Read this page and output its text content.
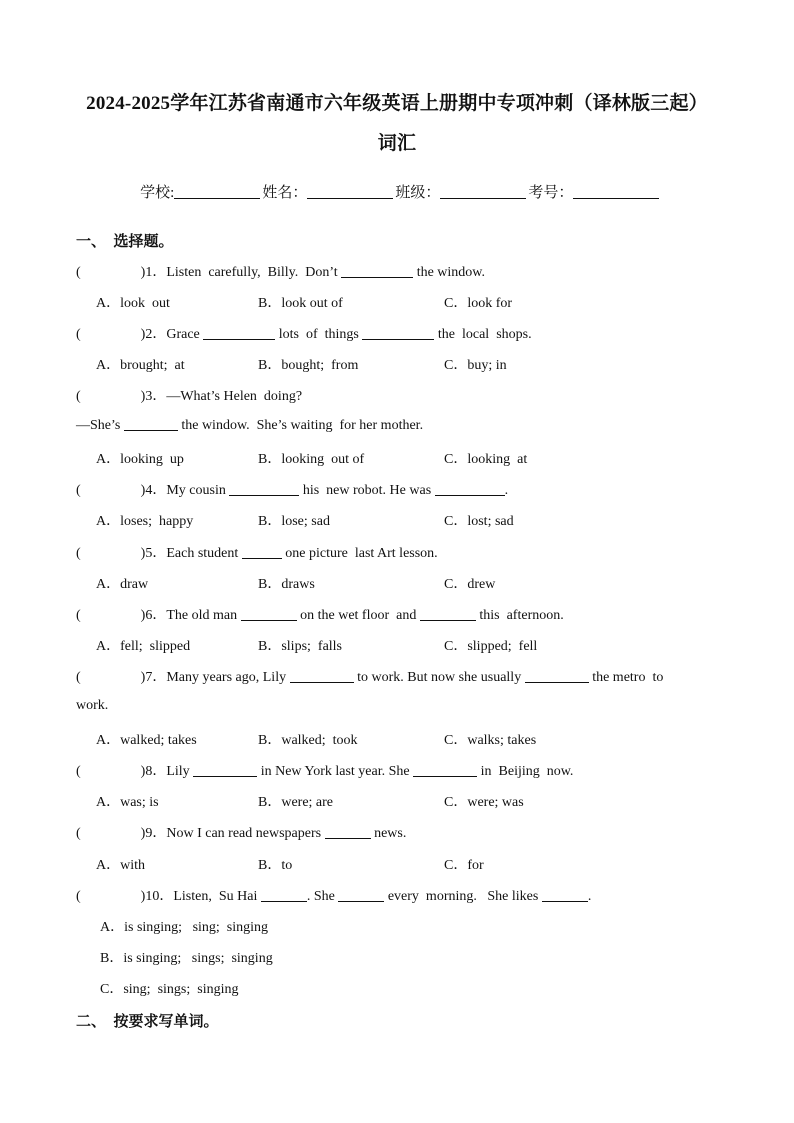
2024-2025学年江苏省南通市六年级英语上册期中专项冲刺（译林版三起）
词汇

学校:	姓名：	班级：	考号：

一、  选择题。
(	)1．Listen  carefully,  Billy.  Don’t	the window.
A．look  out	B．look out of	C．look for
(	)2．Grace	lots  of  things	the  local  shops.
A．brought;  at	B．bought;  from	C．buy; in
(	)3．—What’s Helen  doing?
—She’s	the window.  She’s waiting  for her mother.
A．looking  up	B．looking  out of	C．looking  at
(	)4．My cousin	his  new robot. He was	.
A．loses;  happy	B．lose; sad	C．lost; sad
(	)5．Each student	one picture  last Art lesson.
A．draw	B．draws	C．drew
(	)6．The old man	on the wet floor  and	this  afternoon.
A．fell;  slipped	B．slips;  falls	C．slipped;  fell
(	)7．Many years ago, Lily	to work. But now she usually	the metro  to
work.
A．walked; takes	B．walked;  took	C．walks; takes
(	)8．Lily	in New York last year. She	in  Beijing  now.
A．was; is	B．were; are	C．were; was
(	)9．Now I can read newspapers	news.
A．with	B．to	C．for
(	)10．Listen,  Su Hai	. She	every  morning.   She likes	.
A．is singing;   sing;  singing
B．is singing;   sings;  singing
C．sing;  sings;  singing
二、  按要求写单词。
